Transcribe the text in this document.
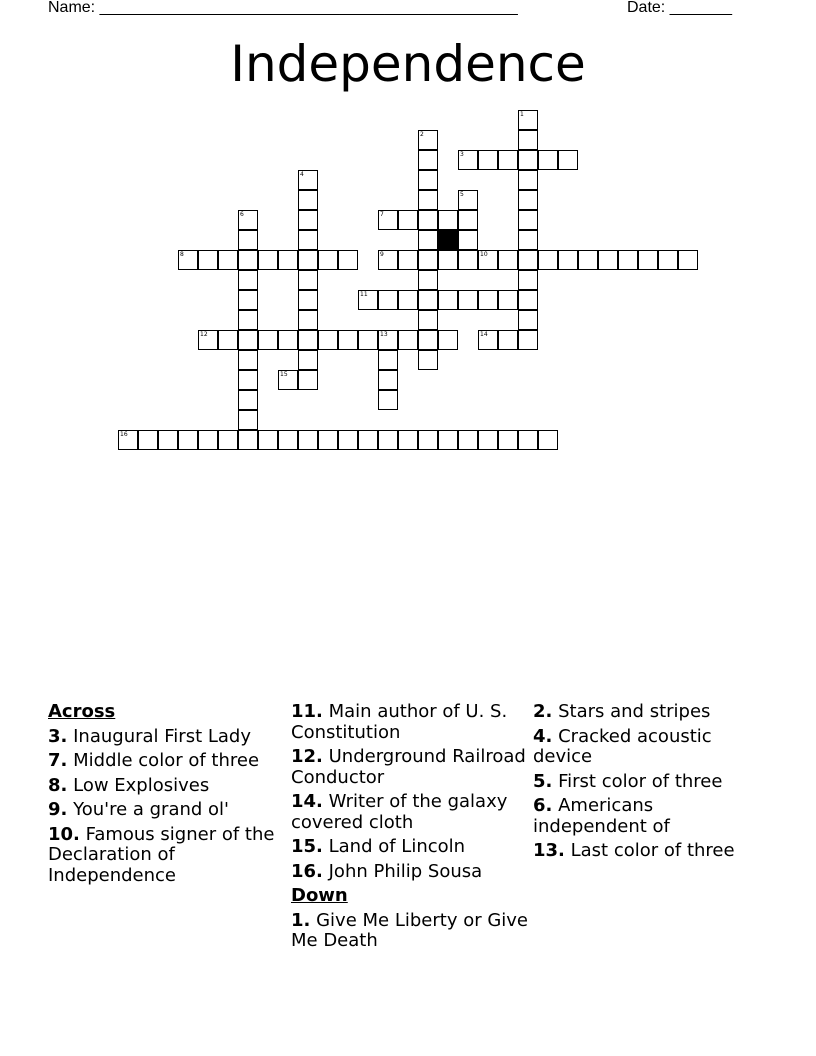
Name: _______________________________________________	Date: _______
Independence
3
7
8	9	10
11
12	13	14
15
16
1
2
4
5
6
Across
3. Inaugural First Lady
7. Middle color of three
8. Low Explosives
9. You're a grand ol'
10. Famous signer of the Declaration of Independence
11. Main author of U. S. Constitution
12. Underground Railroad Conductor
14. Writer of the galaxy covered cloth
15. Land of Lincoln
16. John Philip Sousa
Down
1. Give Me Liberty or Give Me Death
2. Stars and stripes
4. Cracked acoustic device
5. First color of three
6. Americans independent of
13. Last color of three
